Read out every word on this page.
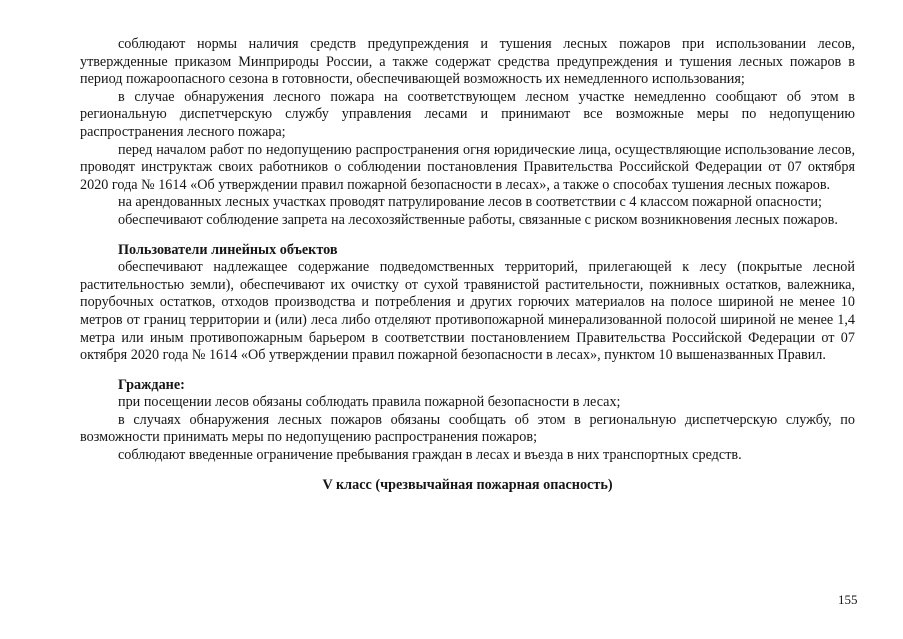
соблюдают нормы наличия средств предупреждения и тушения лесных пожаров при использовании лесов, утвержденные приказом Минприроды России, а также содержат средства предупреждения и тушения лесных пожаров в период пожароопасного сезона в готовности, обеспечивающей возможность их немедленного использования;

в случае обнаружения лесного пожара на соответствующем лесном участке немедленно сообщают об этом в региональную диспетчерскую службу управления лесами и принимают все возможные меры по недопущению распространения лесного пожара;

перед началом работ по недопущению распространения огня юридические лица, осуществляющие использование лесов, проводят инструктаж своих работников о соблюдении постановления Правительства Российской Федерации от 07 октября 2020 года № 1614 «Об утверждении правил пожарной безопасности в лесах», а также о способах тушения лесных пожаров.

на арендованных лесных участках проводят патрулирование лесов в соответствии с 4 классом пожарной опасности;

обеспечивают соблюдение запрета на лесохозяйственные работы, связанные с риском возникновения лесных пожаров.

Пользователи линейных объектов

обеспечивают надлежащее содержание подведомственных территорий, прилегающей к лесу (покрытые лесной растительностью земли), обеспечивают их очистку от сухой травянистой растительности, пожнивных остатков, валежника, порубочных остатков, отходов производства и потребления и других горючих материалов на полосе шириной не менее 10 метров от границ территории и (или) леса либо отделяют противопожарной минерализованной полосой шириной не менее 1,4 метра или иным противопожарным барьером в соответствии постановлением Правительства Российской Федерации от 07 октября 2020 года № 1614 «Об утверждении правил пожарной безопасности в лесах», пунктом 10 вышеназванных Правил.

Граждане:

при посещении лесов обязаны соблюдать правила пожарной безопасности в лесах;

в случаях обнаружения лесных пожаров обязаны сообщать об этом в региональную диспетчерскую службу, по возможности принимать меры по недопущению распространения пожаров;

соблюдают введенные ограничение пребывания граждан в лесах и въезда в них транспортных средств.

V класс (чрезвычайная пожарная опасность)
155
